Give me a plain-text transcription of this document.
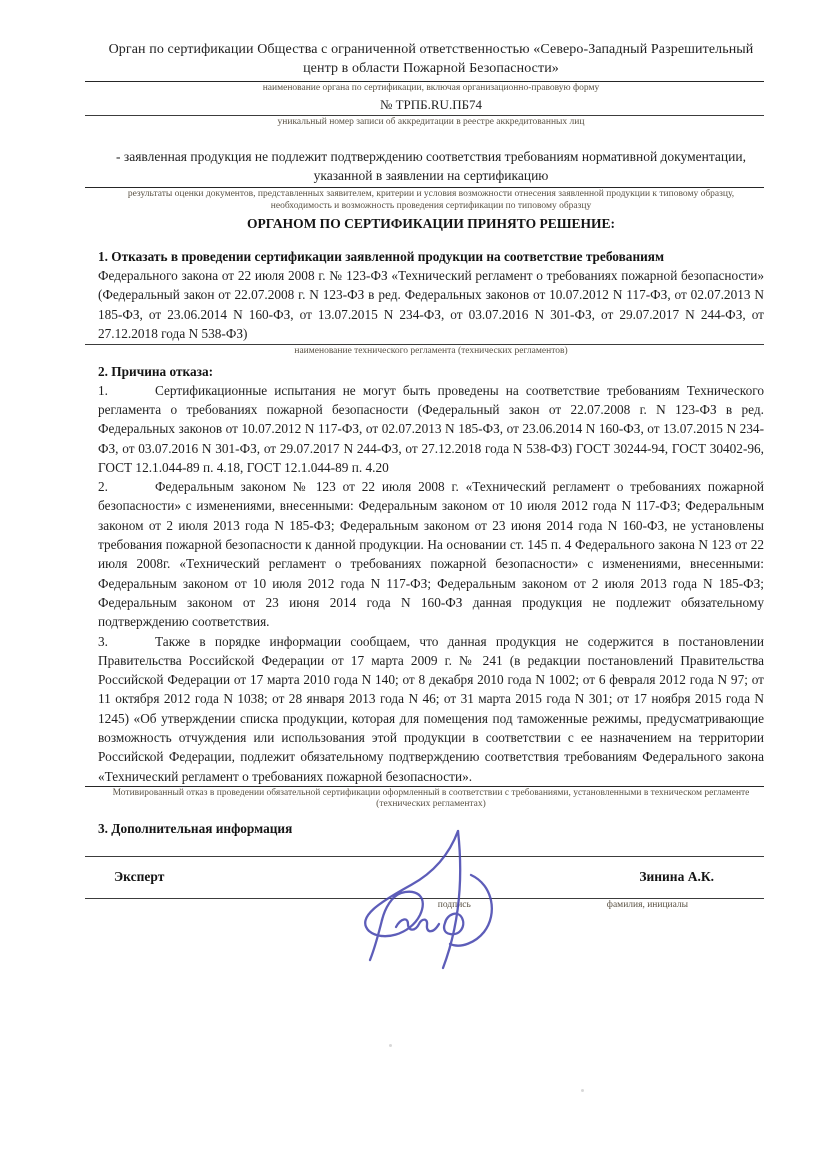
Орган по сертификации Общества с ограниченной ответственностью «Северо-Западный Разрешительный центр в области Пожарной Безопасности»

наименование органа по сертификации, включая организационно-правовую форму

№ ТРПБ.RU.ПБ74

уникальный номер записи об аккредитации в реестре аккредитованных лиц

- заявленная продукция не подлежит подтверждению соответствия требованиям нормативной документации, указанной в заявлении на сертификацию

результаты оценки документов, представленных заявителем, критерии и условия возможности отнесения заявленной продукции к типовому образцу, необходимость и возможность проведения сертификации по типовому образцу

ОРГАНОМ ПО СЕРТИФИКАЦИИ ПРИНЯТО РЕШЕНИЕ:

1. Отказать в проведении сертификации заявленной продукции на соответствие требованиям

Федерального закона от 22 июля 2008 г. № 123-ФЗ «Технический регламент о требованиях пожарной безопасности» (Федеральный закон от 22.07.2008 г. N 123-ФЗ в ред. Федеральных законов от 10.07.2012 N 117-ФЗ, от 02.07.2013 N 185-ФЗ, от 23.06.2014 N 160-ФЗ, от 13.07.2015 N 234-ФЗ, от 03.07.2016 N 301-ФЗ, от 29.07.2017 N 244-ФЗ, от 27.12.2018 года N 538-ФЗ)

наименование технического регламента (технических регламентов)

2. Причина отказа:

1.	Сертификационные испытания не могут быть проведены на соответствие требованиям Технического регламента о требованиях пожарной безопасности (Федеральный закон от 22.07.2008 г. N 123-ФЗ в ред. Федеральных законов от 10.07.2012 N 117-ФЗ, от 02.07.2013 N 185-ФЗ, от 23.06.2014 N 160-ФЗ, от 13.07.2015 N 234-ФЗ, от 03.07.2016 N 301-ФЗ, от 29.07.2017 N 244-ФЗ, от 27.12.2018 года N 538-ФЗ) ГОСТ 30244-94, ГОСТ 30402-96, ГОСТ 12.1.044-89 п. 4.18, ГОСТ 12.1.044-89 п. 4.20

2.	Федеральным законом № 123 от 22 июля 2008 г. «Технический регламент о требованиях пожарной безопасности» с изменениями, внесенными: Федеральным законом от 10 июля 2012 года N 117-ФЗ; Федеральным законом от 2 июля 2013 года N 185-ФЗ; Федеральным законом от 23 июня 2014 года N 160-ФЗ, не установлены требования пожарной безопасности к данной продукции. На основании ст. 145 п. 4 Федерального закона N 123 от 22 июля 2008г. «Технический регламент о требованиях пожарной безопасности» с изменениями, внесенными: Федеральным законом от 10 июля 2012 года N 117-ФЗ; Федеральным законом от 2 июля 2013 года N 185-ФЗ; Федеральным законом от 23 июня 2014 года N 160-ФЗ данная продукция не подлежит обязательному подтверждению соответствия.

3.	Также в порядке информации сообщаем, что данная продукция не содержится в постановлении Правительства Российской Федерации от 17 марта 2009 г. № 241 (в редакции постановлений Правительства Российской Федерации от 17 марта 2010 года N 140; от 8 декабря 2010 года N 1002; от 6 февраля 2012 года N 97; от 11 октября 2012 года N 1038; от 28 января 2013 года N 46; от 31 марта 2015 года N 301; от 17 ноября 2015 года N 1245) «Об утверждении списка продукции, которая для помещения под таможенные режимы, предусматривающие возможность отчуждения или использования этой продукции в соответствии с ее назначением на территории Российской Федерации, подлежит обязательному подтверждению соответствия требованиям Федерального закона «Технический регламент о требованиях пожарной безопасности».

Мотивированный отказ в проведении обязательной сертификации оформленный в соответствии с требованиями, установленными в техническом регламенте (технических регламентах)

3. Дополнительная информация

Эксперт	Зинина А.К.
подпись	фамилия, инициалы
